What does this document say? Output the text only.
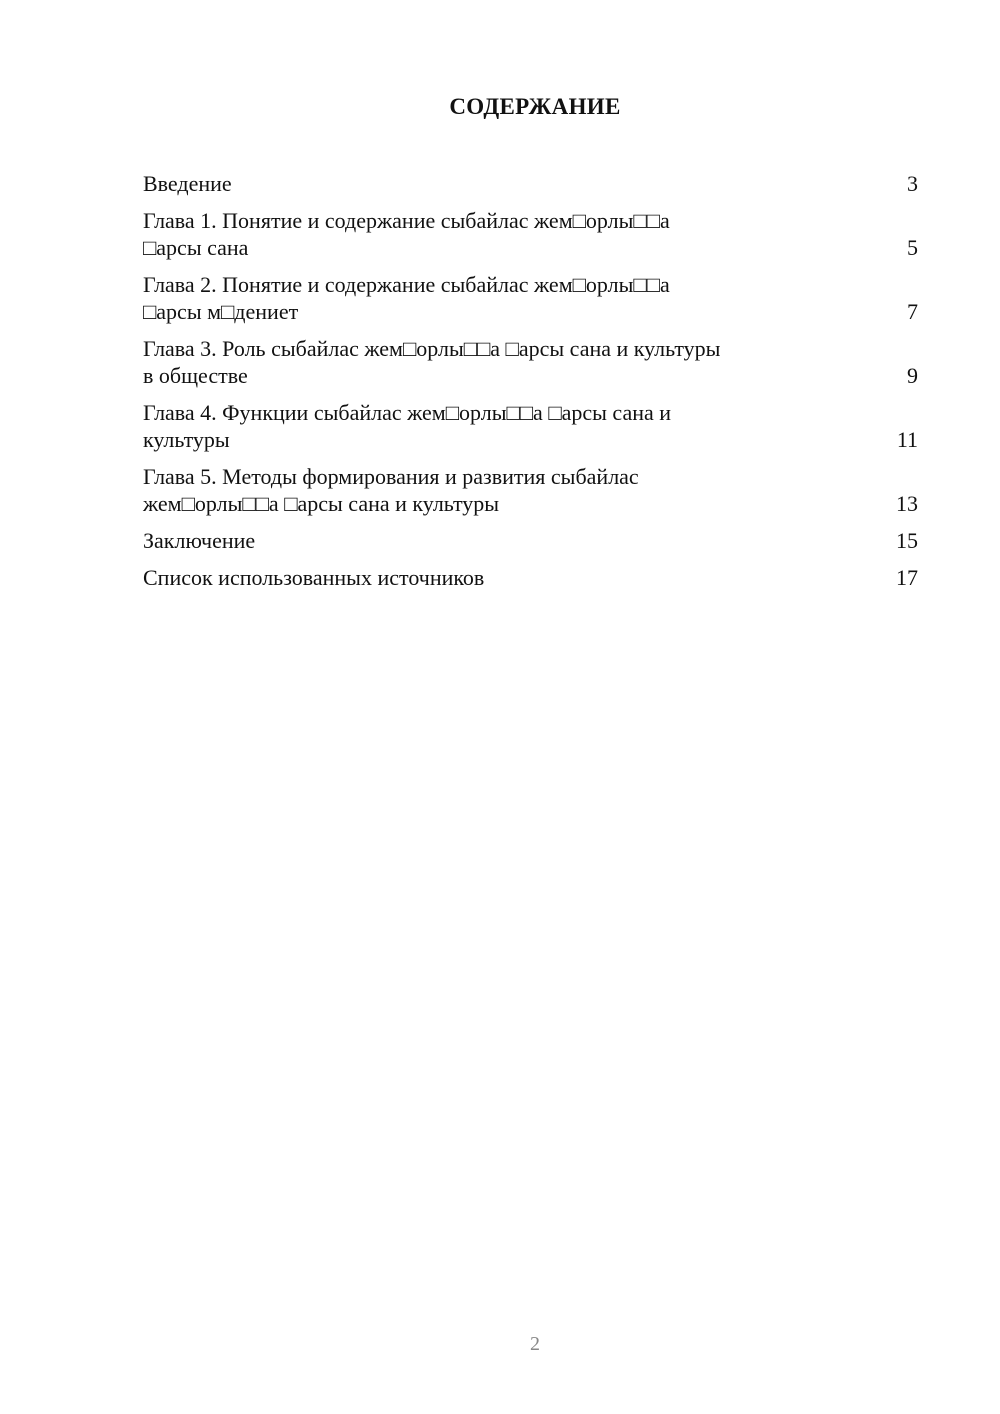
СОДЕРЖАНИЕ
Введение	3
Глава 1. Понятие и содержание сыбайлас жем□орлы□□а
□арсы сана	5
Глава 2. Понятие и содержание сыбайлас жем□орлы□□а
□арсы м□дениет	7
Глава 3. Роль сыбайлас жем□орлы□□а □арсы сана и культуры
в обществе	9
Глава 4. Функции сыбайлас жем□орлы□□а □арсы сана и
культуры	11
Глава 5. Методы формирования и развития сыбайлас
жем□орлы□□а □арсы сана и культуры	13
Заключение	15
Список использованных источников	17
2
